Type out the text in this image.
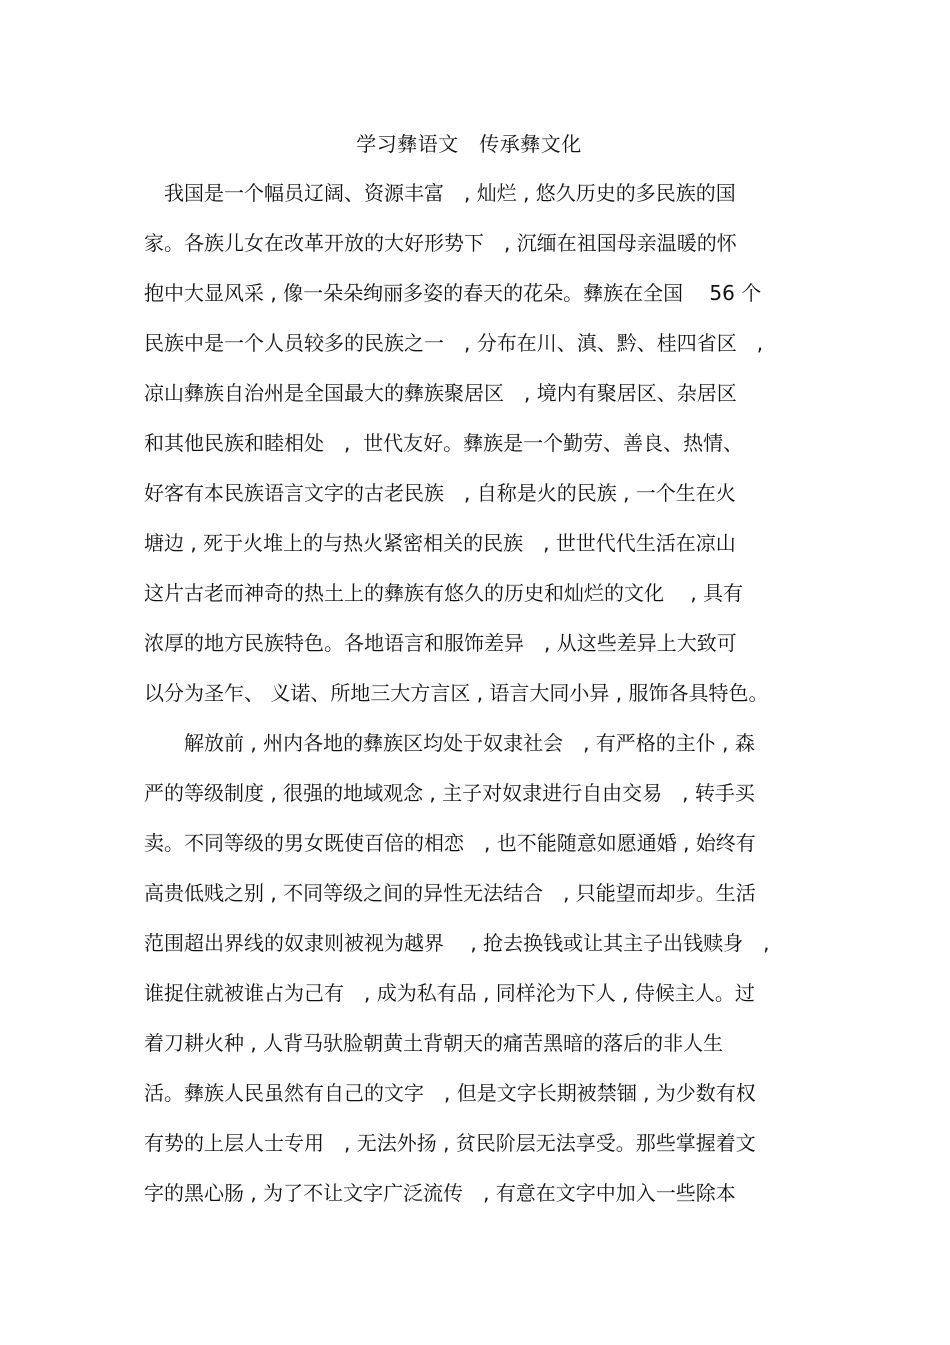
学习彝语文　传承彝文化
　我国是一个幅员辽阔、资源丰富　, 灿烂 , 悠久历史的多民族的国
家。各族儿女在改革开放的大好形势下　, 沉缅在祖国母亲温暖的怀
抱中大显风采 , 像一朵朵绚丽多姿的春天的花朵。彝族在全国　 56 个
民族中是一个人员较多的民族之一　, 分布在川、滇、黔、桂四省区　,
凉山彝族自治州是全国最大的彝族聚居区　, 境内有聚居区、杂居区
和其他民族和睦相处　,  世代友好。彝族是一个勤劳、善良、热情、
好客有本民族语言文字的古老民族　, 自称是火的民族 , 一个生在火
塘边 , 死于火堆上的与热火紧密相关的民族　, 世世代代生活在凉山
这片古老而神奇的热土上的彝族有悠久的历史和灿烂的文化　 , 具有
浓厚的地方民族特色。各地语言和服饰差异　, 从这些差异上大致可
以分为圣乍、 义诺、所地三大方言区 , 语言大同小异 , 服饰各具特色。
　　解放前 , 州内各地的彝族区均处于奴隶社会　, 有严格的主仆 , 森
严的等级制度 , 很强的地域观念 , 主子对奴隶进行自由交易　, 转手买
卖。不同等级的男女既使百倍的相恋　, 也不能随意如愿通婚 , 始终有
高贵低贱之别 , 不同等级之间的异性无法结合　, 只能望而却步。生活
范围超出界线的奴隶则被视为越界　 , 抢去换钱或让其主子出钱赎身　,
谁捉住就被谁占为己有　, 成为私有品 , 同样沦为下人 , 侍候主人。过
着刀耕火种 , 人背马驮脸朝黄土背朝天的痛苦黑暗的落后的非人生
活。彝族人民虽然有自己的文字　, 但是文字长期被禁锢 , 为少数有权
有势的上层人士专用　, 无法外扬 , 贫民阶层无法享受。那些掌握着文
字的黑心肠 , 为了不让文字广泛流传　, 有意在文字中加入一些除本
